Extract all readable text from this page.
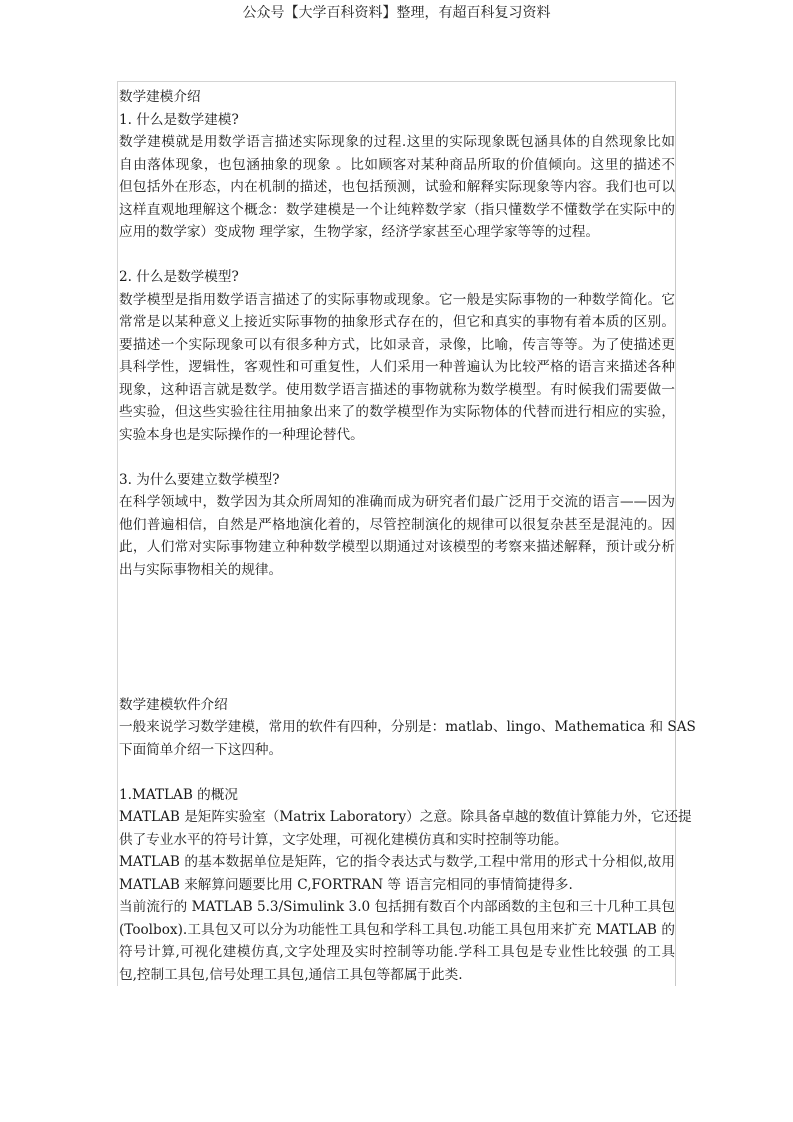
公众号【大学百科资料】整理，有超百科复习资料
数学建模介绍
1. 什么是数学建模?
数学建模就是用数学语言描述实际现象的过程.这里的实际现象既包涵具体的自然现象比如
自由落体现象，也包涵抽象的现象 。比如顾客对某种商品所取的价值倾向。这里的描述不
但包括外在形态，内在机制的描述，也包括预测，试验和解释实际现象等内容。我们也可以
这样直观地理解这个概念：数学建模是一个让纯粹数学家（指只懂数学不懂数学在实际中的
应用的数学家）变成物 理学家，生物学家，经济学家甚至心理学家等等的过程。
2. 什么是数学模型?
数学模型是指用数学语言描述了的实际事物或现象。它一般是实际事物的一种数学简化。它
常常是以某种意义上接近实际事物的抽象形式存在的，但它和真实的事物有着本质的区别。
要描述一个实际现象可以有很多种方式，比如录音，录像，比喻，传言等等。为了使描述更
具科学性，逻辑性，客观性和可重复性，人们采用一种普遍认为比较严格的语言来描述各种
现象，这种语言就是数学。使用数学语言描述的事物就称为数学模型。有时候我们需要做一
些实验，但这些实验往往用抽象出来了的数学模型作为实际物体的代替而进行相应的实验，
实验本身也是实际操作的一种理论替代。
3. 为什么要建立数学模型?
在科学领域中，数学因为其众所周知的准确而成为研究者们最广泛用于交流的语言——因为
他们普遍相信，自然是严格地演化着的，尽管控制演化的规律可以很复杂甚至是混沌的。因
此，人们常对实际事物建立种种数学模型以期通过对该模型的考察来描述解释，预计或分析
出与实际事物相关的规律。
数学建模软件介绍
一般来说学习数学建模，常用的软件有四种，分别是：matlab、lingo、Mathematica 和 SAS
下面简单介绍一下这四种。
1.MATLAB 的概况
MATLAB 是矩阵实验室（Matrix Laboratory）之意。除具备卓越的数值计算能力外，它还提
供了专业水平的符号计算，文字处理，可视化建模仿真和实时控制等功能。
MATLAB 的基本数据单位是矩阵，它的指令表达式与数学,工程中常用的形式十分相似,故用
MATLAB 来解算问题要比用 C,FORTRAN 等 语言完相同的事情简捷得多.
当前流行的 MATLAB 5.3/Simulink 3.0 包括拥有数百个内部函数的主包和三十几种工具包
(Toolbox).工具包又可以分为功能性工具包和学科工具包.功能工具包用来扩充 MATLAB 的
符号计算,可视化建模仿真,文字处理及实时控制等功能.学科工具包是专业性比较强 的工具
包,控制工具包,信号处理工具包,通信工具包等都属于此类.
